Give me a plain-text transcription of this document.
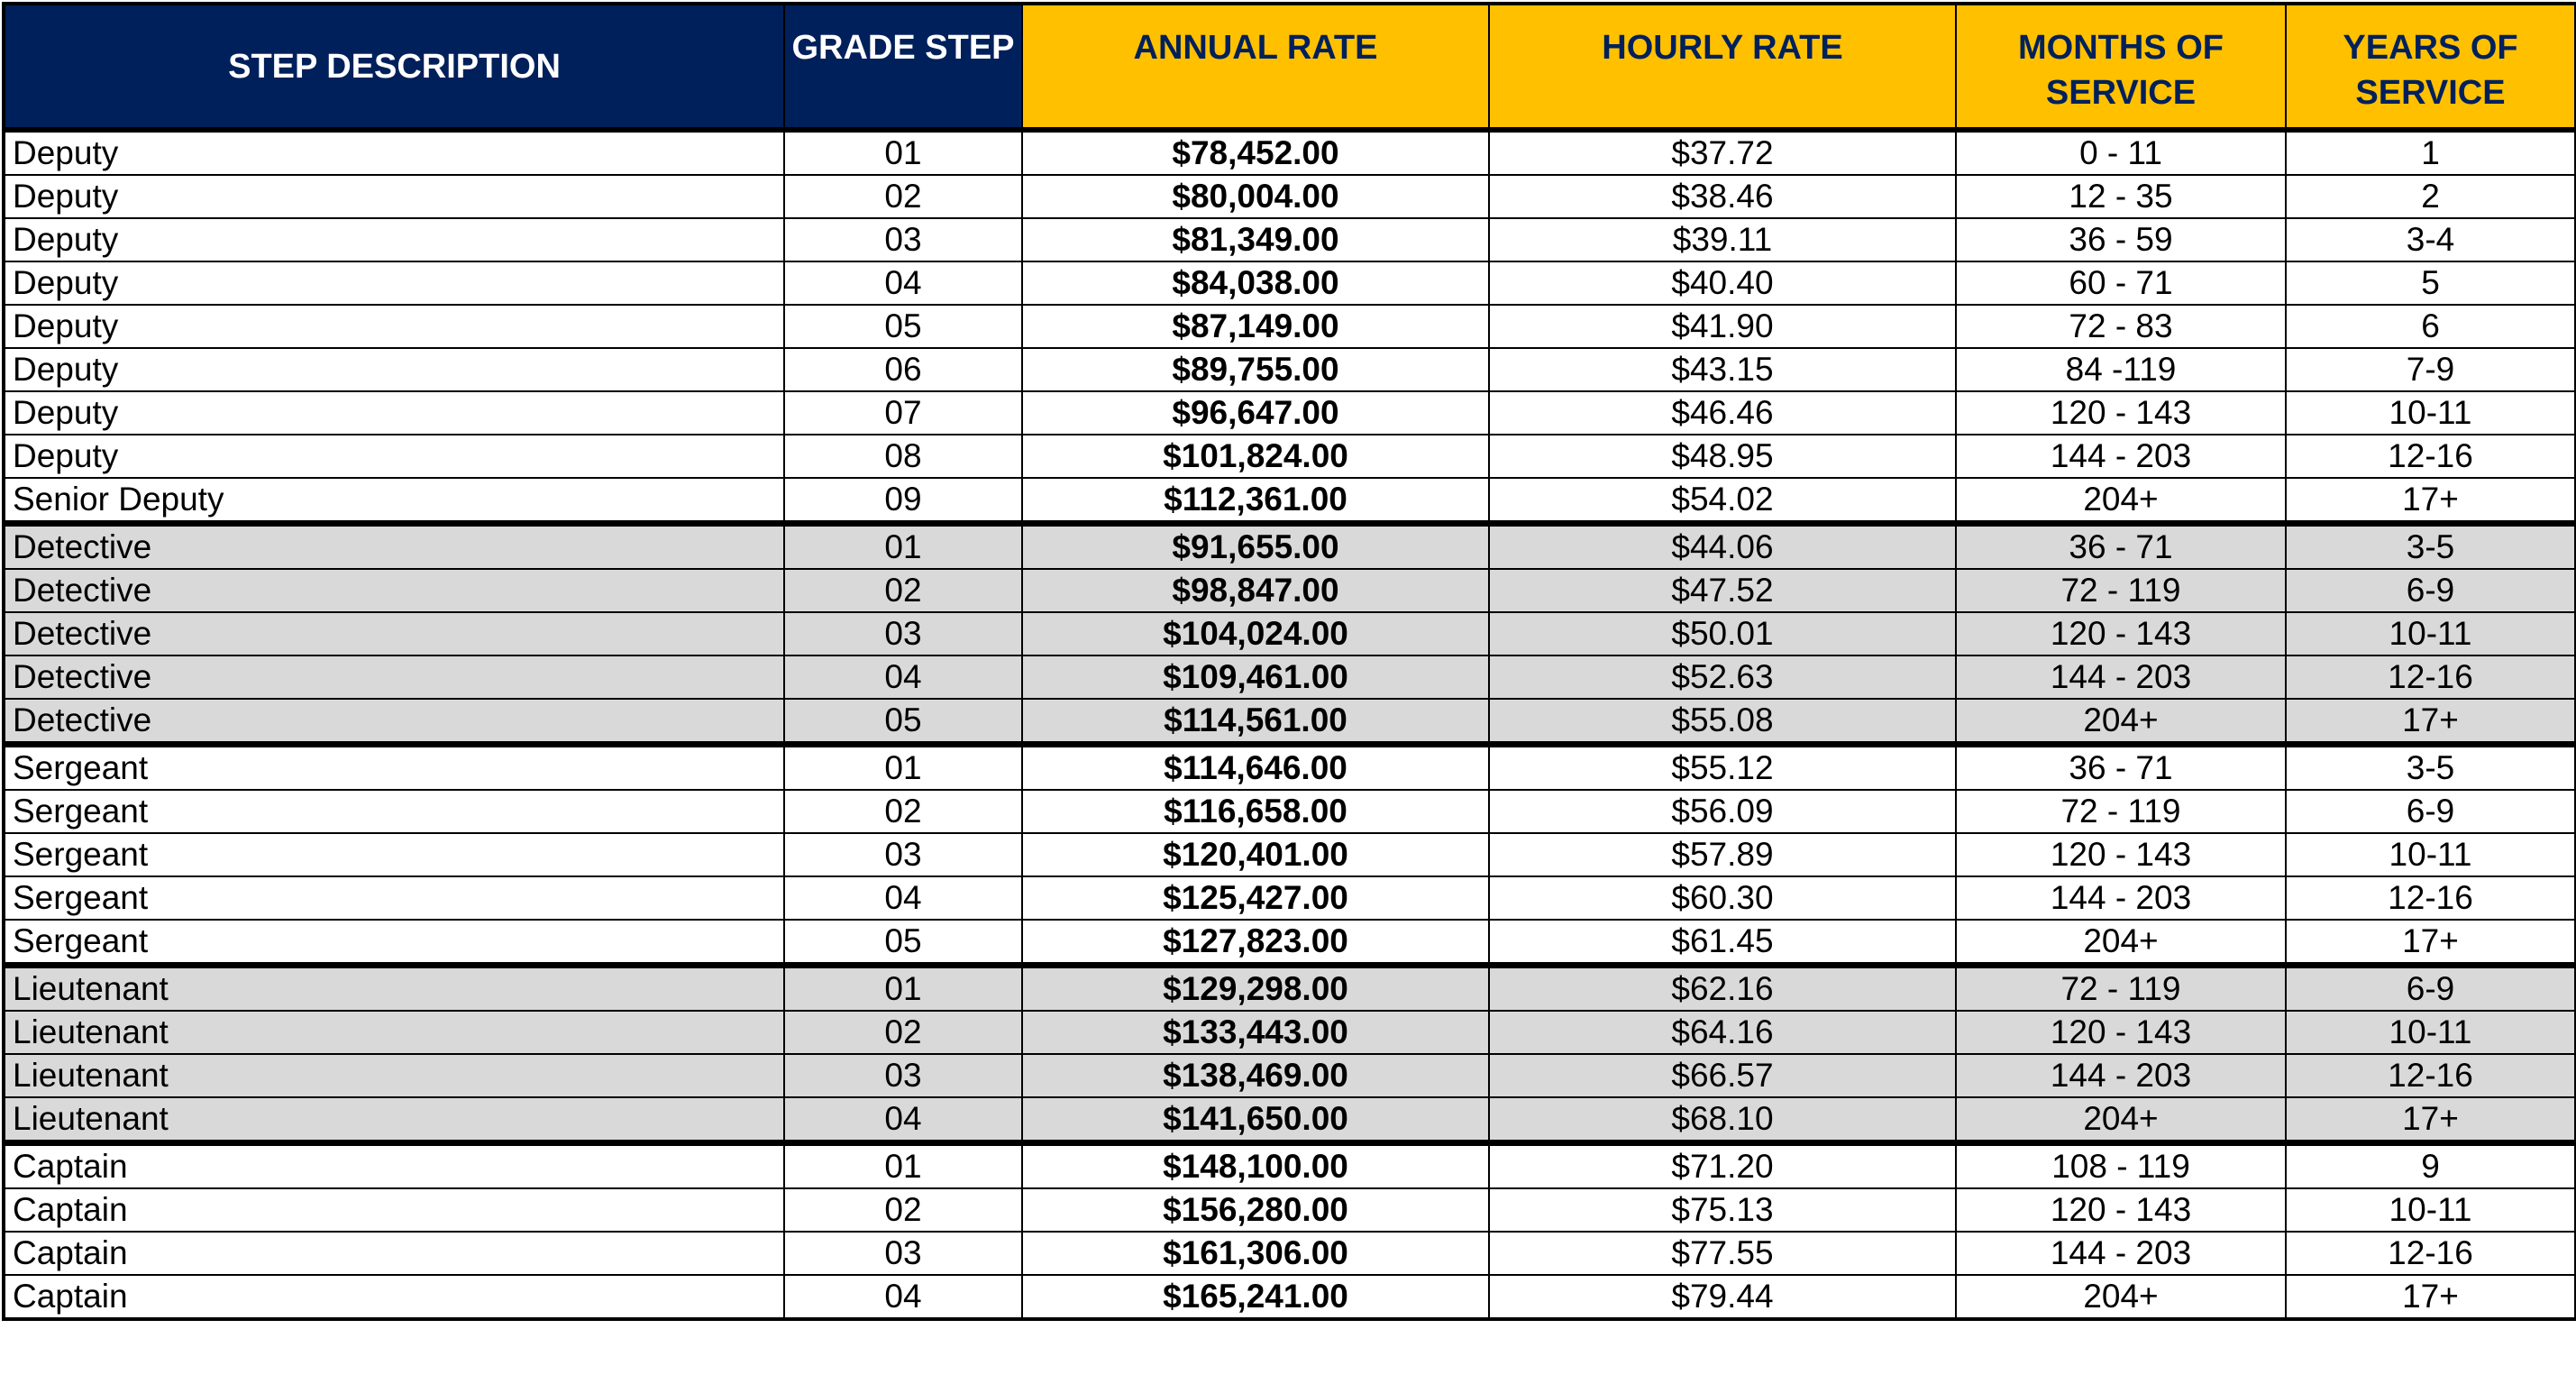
STEP DESCRIPTION	GRADE STEP	ANNUAL RATE	HOURLY RATE	MONTHS OF SERVICE	YEARS OF SERVICE
Deputy	01	$78,452.00	$37.72	0 - 11	1
Deputy	02	$80,004.00	$38.46	12 - 35	2
Deputy	03	$81,349.00	$39.11	36 - 59	3-4
Deputy	04	$84,038.00	$40.40	60 - 71	5
Deputy	05	$87,149.00	$41.90	72 - 83	6
Deputy	06	$89,755.00	$43.15	84 -119	7-9
Deputy	07	$96,647.00	$46.46	120 - 143	10-11
Deputy	08	$101,824.00	$48.95	144 - 203	12-16
Senior Deputy	09	$112,361.00	$54.02	204+	17+
Detective	01	$91,655.00	$44.06	36 - 71	3-5
Detective	02	$98,847.00	$47.52	72 - 119	6-9
Detective	03	$104,024.00	$50.01	120 - 143	10-11
Detective	04	$109,461.00	$52.63	144 - 203	12-16
Detective	05	$114,561.00	$55.08	204+	17+
Sergeant	01	$114,646.00	$55.12	36 - 71	3-5
Sergeant	02	$116,658.00	$56.09	72 - 119	6-9
Sergeant	03	$120,401.00	$57.89	120 - 143	10-11
Sergeant	04	$125,427.00	$60.30	144 - 203	12-16
Sergeant	05	$127,823.00	$61.45	204+	17+
Lieutenant	01	$129,298.00	$62.16	72 - 119	6-9
Lieutenant	02	$133,443.00	$64.16	120 - 143	10-11
Lieutenant	03	$138,469.00	$66.57	144 - 203	12-16
Lieutenant	04	$141,650.00	$68.10	204+	17+
Captain	01	$148,100.00	$71.20	108 - 119	9
Captain	02	$156,280.00	$75.13	120 - 143	10-11
Captain	03	$161,306.00	$77.55	144 - 203	12-16
Captain	04	$165,241.00	$79.44	204+	17+
